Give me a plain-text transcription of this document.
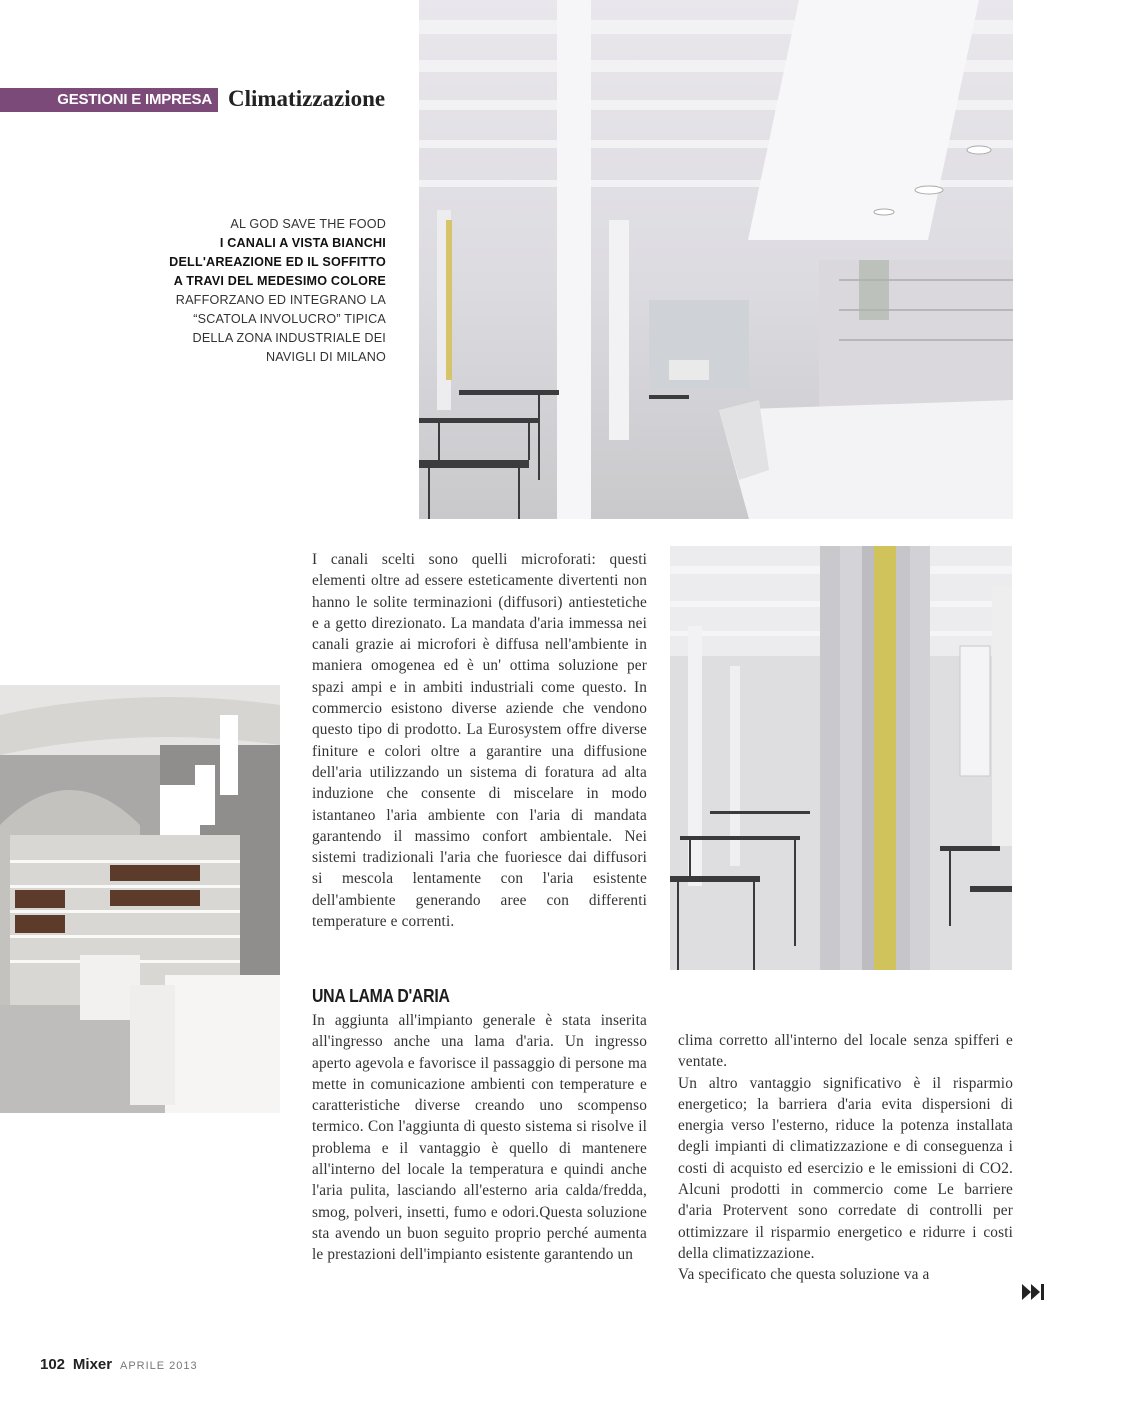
GESTIONI E IMPRESA Climatizzazione
AL GOD SAVE THE FOOD
I CANALI A VISTA BIANCHI DELL'AREAZIONE ED IL SOFFITTO A TRAVI DEL MEDESIMO COLORE
RAFFORZANO ED INTEGRANO LA “SCATOLA INVOLUCRO” TIPICA DELLA ZONA INDUSTRIALE DEI NAVIGLI DI MILANO

I canali scelti sono quelli microforati: questi elementi oltre ad essere esteticamente divertenti non hanno le solite terminazioni (diffusori) antiestetiche e a getto direzionato. La mandata d'aria immessa nei canali grazie ai microfori è diffusa nell'ambiente in maniera omogenea ed è un' ottima soluzione per spazi ampi e in ambiti industriali come questo. In commercio esistono diverse aziende che vendono questo tipo di prodotto. La Eurosystem offre diverse finiture e colori oltre a garantire una diffusione dell'aria utilizzando un sistema di foratura ad alta induzione che consente di miscelare in modo istantaneo l'aria ambiente con l'aria di mandata garantendo il massimo confort ambientale. Nei sistemi tradizionali l'aria che fuoriesce dai diffusori si mescola lentamente con l'aria esistente dell'ambiente generando aree con differenti temperature e correnti.

UNA LAMA D'ARIA

In aggiunta all'impianto generale è stata inserita all'ingresso anche una lama d'aria. Un ingresso aperto agevola e favorisce il passaggio di persone ma mette in comunicazione ambienti con temperature e caratteristiche diverse creando uno scompenso termico. Con l'aggiunta di questo sistema si risolve il problema e il vantaggio è quello di mantenere all'interno del locale la temperatura e quindi anche l'aria pulita, lasciando all'esterno aria calda/fredda, smog, polveri, insetti, fumo e odori.Questa soluzione sta avendo un buon seguito proprio perché aumenta le prestazioni dell'impianto esistente garantendo un

clima corretto all'interno del locale senza spifferi e ventate.

Un altro vantaggio significativo è il risparmio energetico; la barriera d'aria evita dispersioni di energia verso l'esterno, riduce la potenza installata degli impianti di climatizzazione e di conseguenza i costi di acquisto ed esercizio e le emissioni di CO2. Alcuni prodotti in commercio come Le barriere d'aria Protervent sono corredate di controlli per ottimizzare il risparmio energetico e ridurre i costi della climatizzazione.

Va specificato che questa soluzione va a

102 Mixer APRILE 2013
